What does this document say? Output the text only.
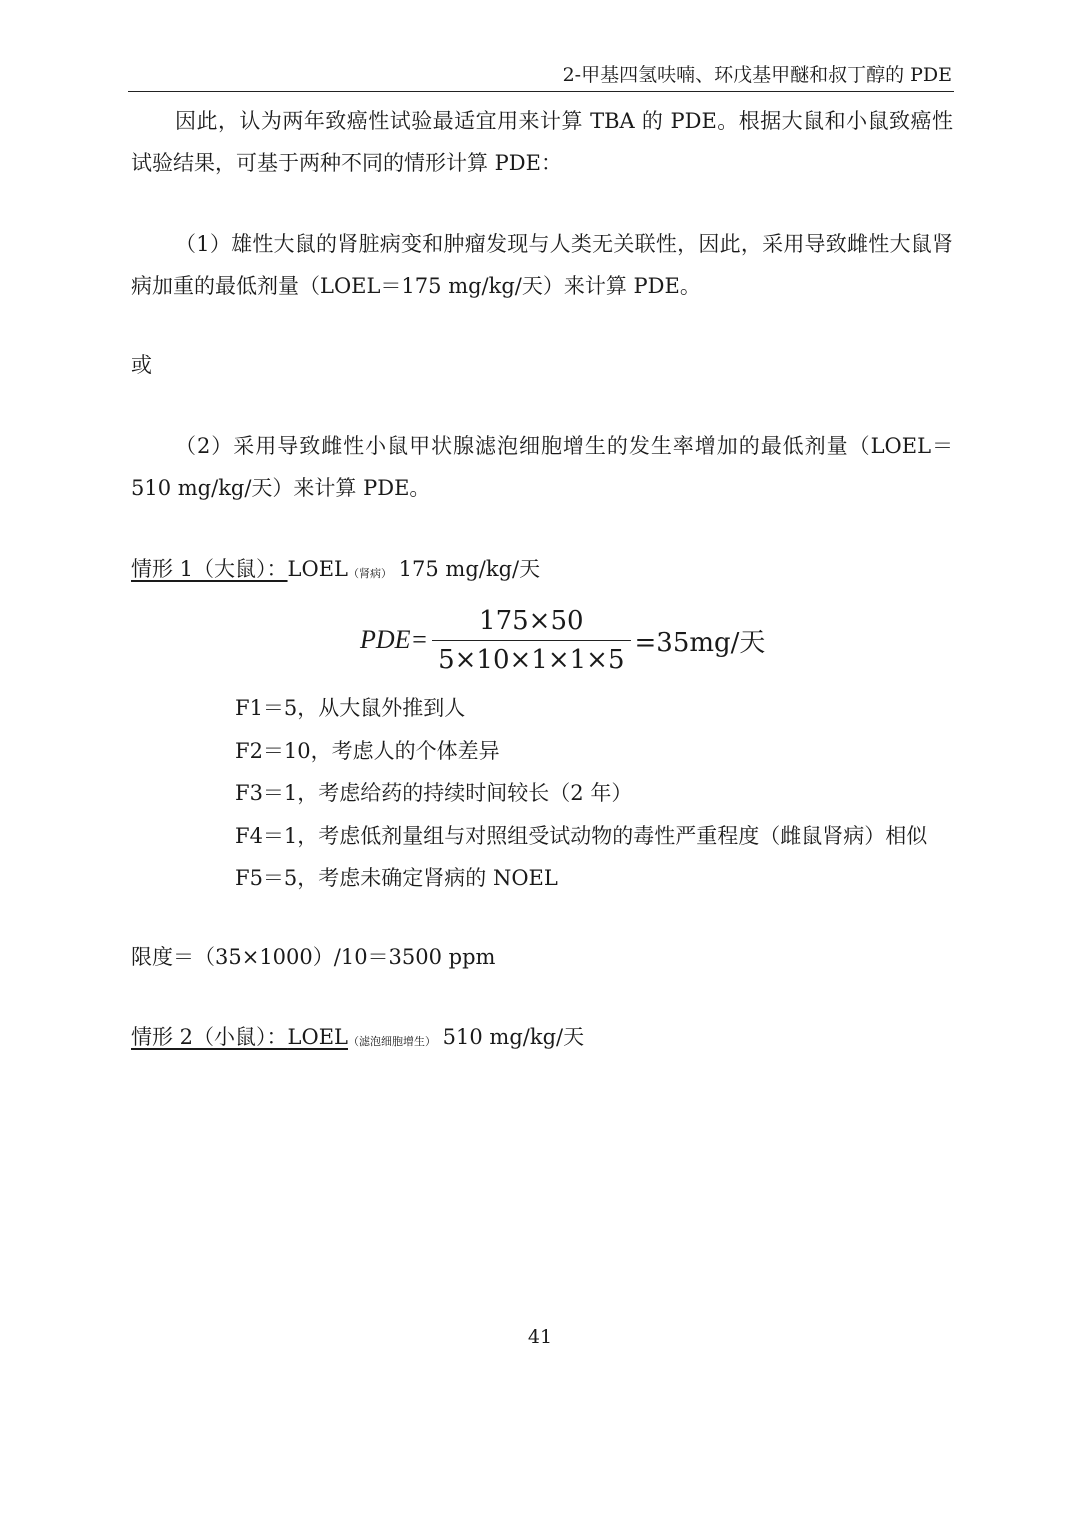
2-甲基四氢呋喃、环戊基甲醚和叔丁醇的 PDE
因此，认为两年致癌性试验最适宜用来计算 TBA 的 PDE。根据大鼠和小鼠致癌性试验结果，可基于两种不同的情形计算 PDE：
（1）雄性大鼠的肾脏病变和肿瘤发现与人类无关联性，因此，采用导致雌性大鼠肾病加重的最低剂量（LOEL＝175 mg/kg/天）来计算 PDE。
或
（2）采用导致雌性小鼠甲状腺滤泡细胞增生的发生率增加的最低剂量（LOEL＝510 mg/kg/天）来计算 PDE。
情形 1（大鼠）：LOEL（肾病） 175 mg/kg/天
$PDE= \frac{175\times 50}{5\times 10\times 1\times 1\times 5} =35mg/$天
F1＝5，从大鼠外推到人
F2＝10，考虑人的个体差异
F3＝1，考虑给药的持续时间较长（2 年）
F4＝1，考虑低剂量组与对照组受试动物的毒性严重程度（雌鼠肾病）相似
F5＝5，考虑未确定肾病的 NOEL
限度＝（35×1000）/10＝3500 ppm
情形 2（小鼠）：LOEL（滤泡细胞增生） 510 mg/kg/天
41
